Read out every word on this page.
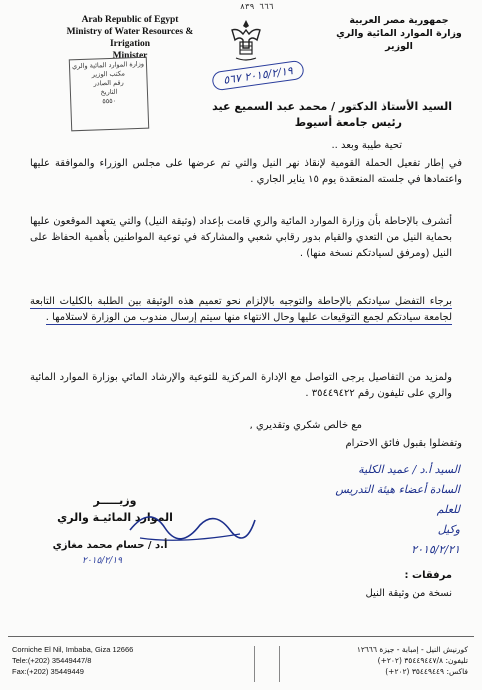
٦٦٦ ٨٣٩
Arab Republic of Egypt
Ministry of Water Resources & Irrigation
Minister
جمهورية مصر العربية
وزارة الموارد المائية والري
الوزير
وزارة الموارد المائية والري
مكتب الوزير
رقم الصادر
التاريخ
٥٥٥٠
٢٠١٥/٢/١٩ ٥٦٧
السيد الأستاذ الدكتور / محمد عبد السميع عيد
رئيس جامعة أسيوط
تحية طيبة وبعد ..
في إطار تفعيل الحملة القومية لإنقاذ نهر النيل والتي تم عرضها على مجلس الوزراء والموافقة عليها واعتمادها في جلسته المنعقدة يوم ١٥ يناير الجاري .
أتشرف بالإحاطة بأن وزارة الموارد المائية والري قامت بإعداد (وثيقة النيل) والتي يتعهد الموقعون عليها بحماية النيل من التعدي والقيام بدور رقابي شعبي والمشاركة في توعية المواطنين بأهمية الحفاظ على النيل (ومرفق لسيادتكم نسخة منها) .
برجاء التفضل سيادتكم بالإحاطة والتوجيه بالإلزام نحو تعميم هذه الوثيقة بين الطلبة بالكليات التابعة لجامعة سيادتكم لجمع التوقيعات عليها وحال الانتهاء منها سيتم إرسال مندوب من الوزارة لاستلامها .
ولمزيد من التفاصيل يرجى التواصل مع الإدارة المركزية للتوعية والإرشاد المائي بوزارة الموارد المائية والري على تليفون رقم ٣٥٤٤٩٤٢٢ .
مع خالص شكري وتقديري ,
وتفضلوا بقبول فائق الاحترام
السيد أ.د / عميد الكلية
السادة أعضاء هيئة التدريس
للعلم
وكيل
٢٠١٥/٢/٢١
وزيـــــر
الموارد المائيـة والري
أ.د / حسام محمد مغازي
٢٠١٥/٢/١٩
مرفقات :
نسخة من وثيقة النيل
Corniche El Nil, Imbaba, Giza 12666
Tele:(+202) 35449447/8
Fax:(+202) 35449449
كورنيش النيل - إمبابة - جيزة ١٢٦٦٦
تليفون: ٣٥٤٤٩٤٤٧/٨ (٢٠٢+)
فاكس: ٣٥٤٤٩٤٤٩ (٢٠٢+)
